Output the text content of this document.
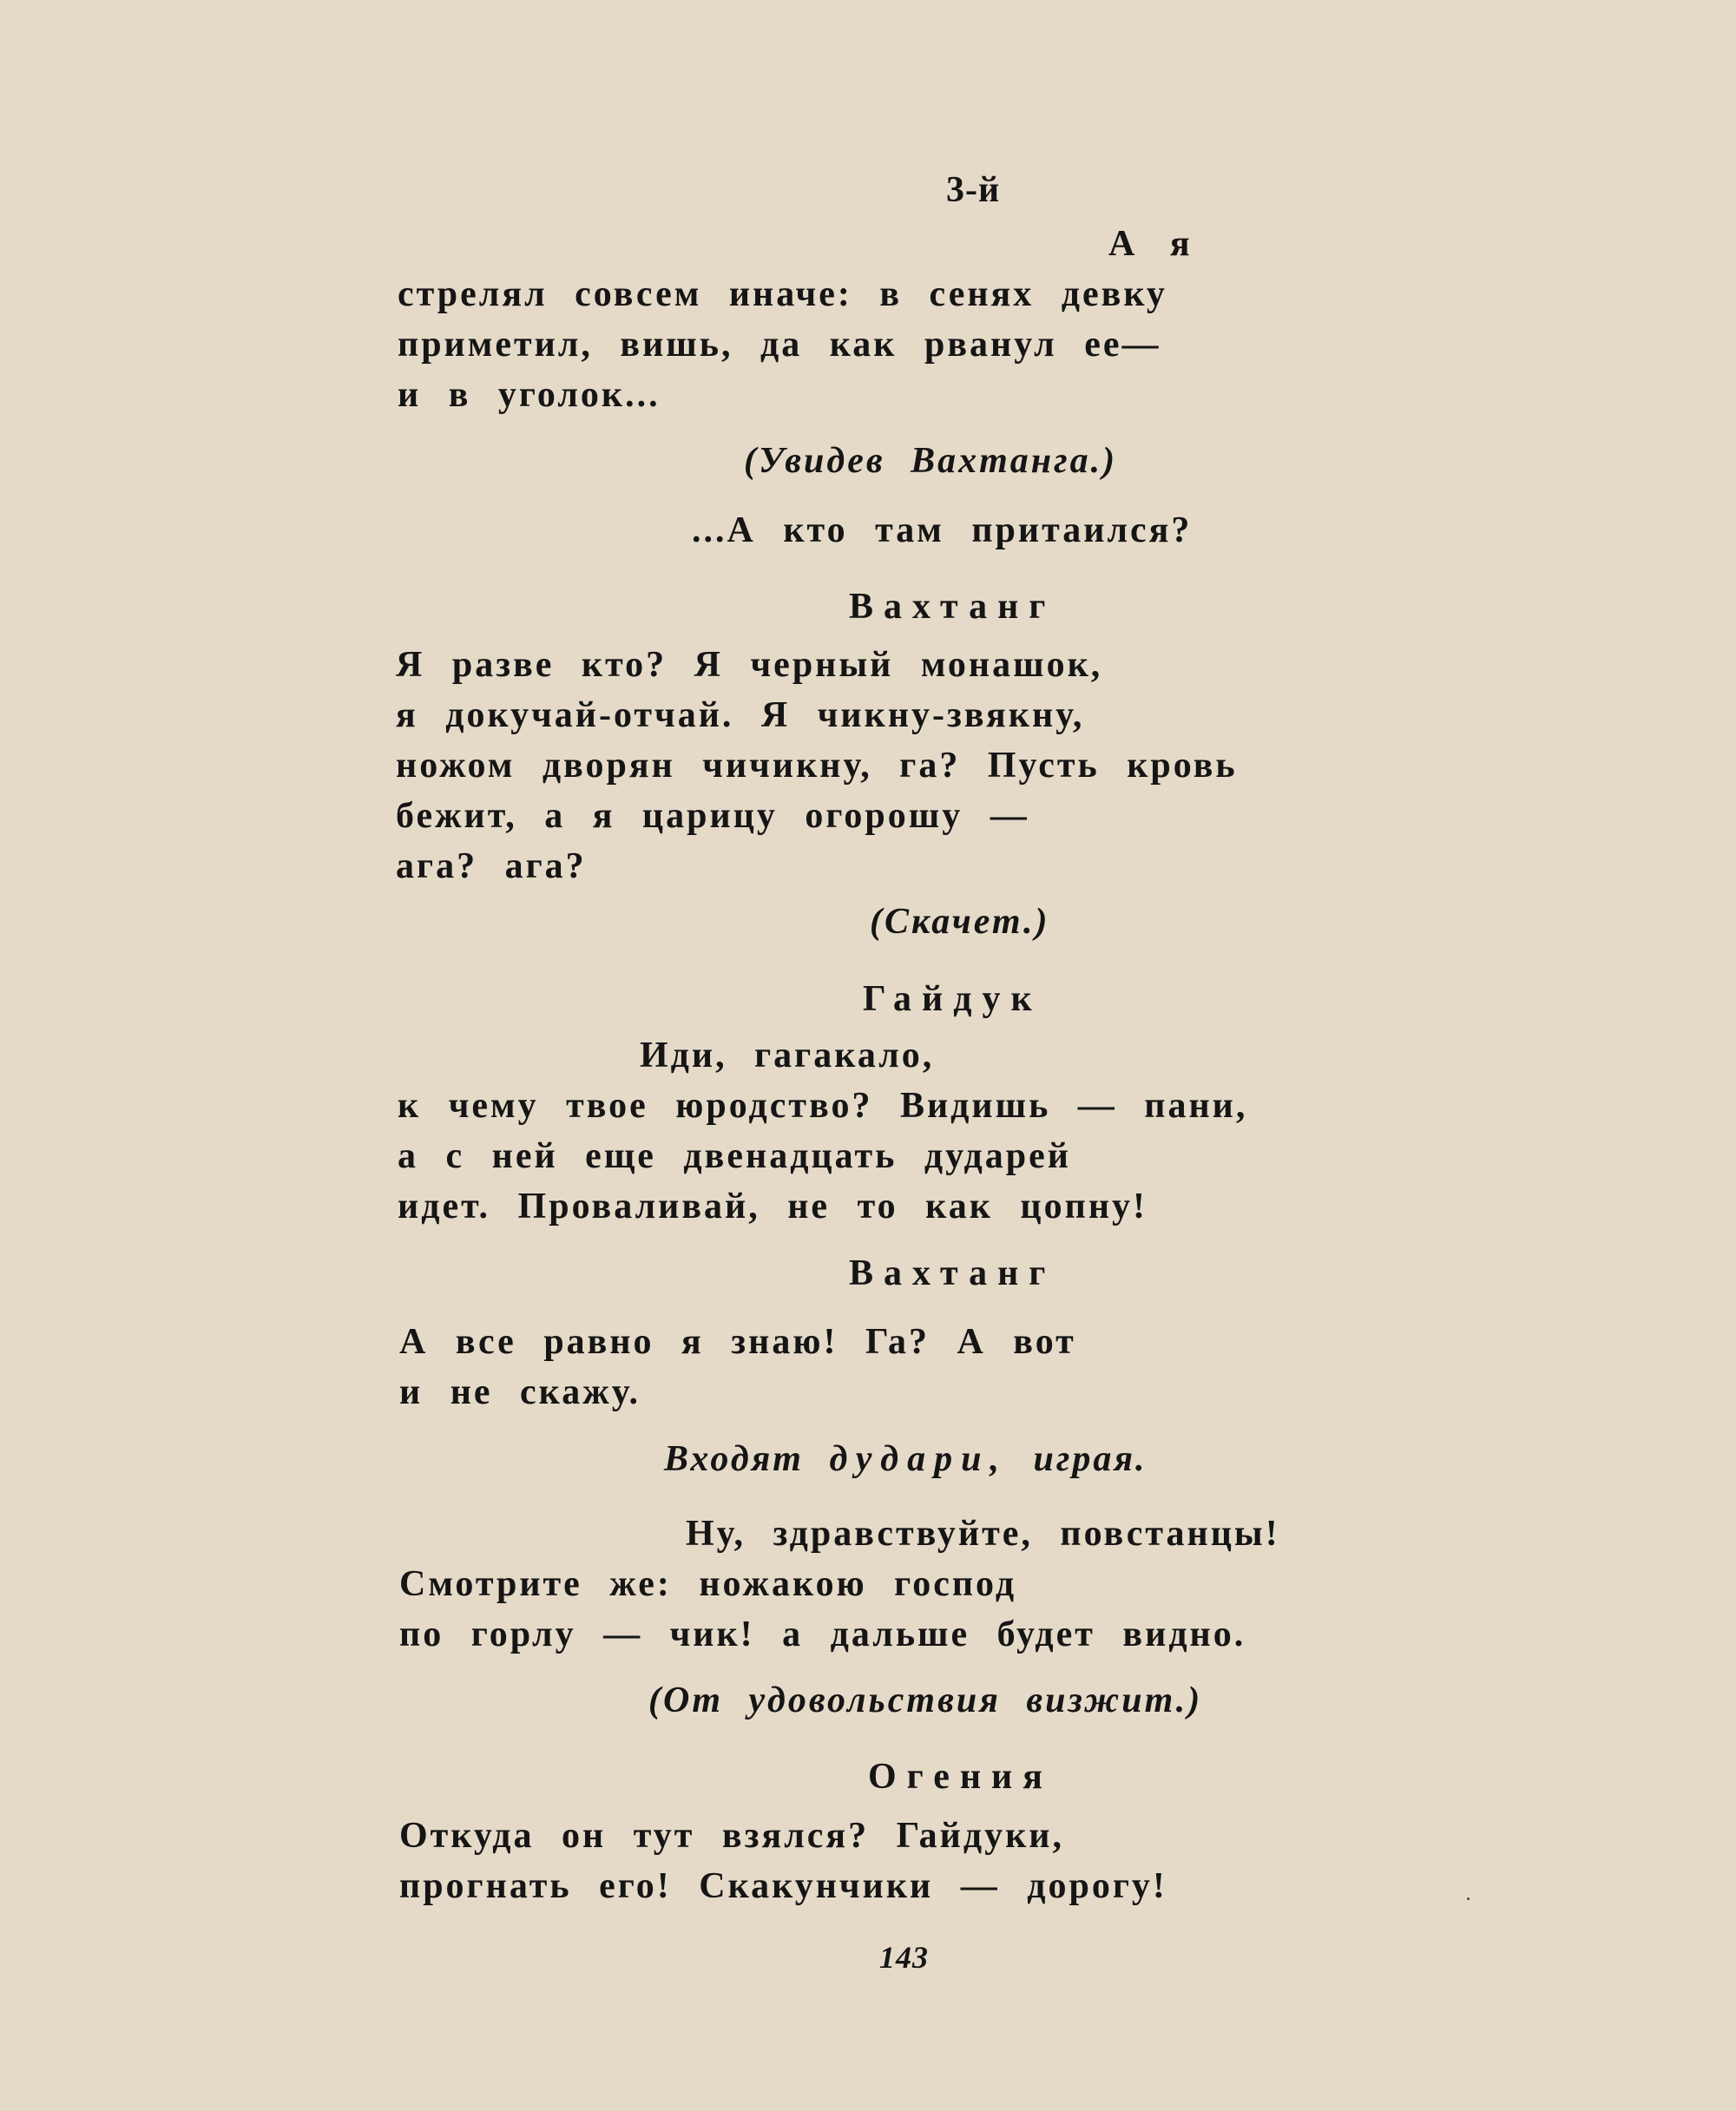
3-й
А я
стрелял совсем иначе: в сенях девку
приметил, вишь, да как рванул ее—
и в уголок...
(Увидев Вахтанга.)
...А кто там притаился?
Вахтанг
Я разве кто? Я черный монашок,
я докучай-отчай. Я чикну-звякну,
ножом дворян чичикну, га? Пусть кровь
бежит, а я царицу огорошу —
ага? ага?
(Скачет.)
Гайдук
Иди, гагакало,
к чему твое юродство? Видишь — пани,
а с ней еще двенадцать дударей
идет. Проваливай, не то как цопну!
Вахтанг
А все равно я знаю! Га? А вот
и не скажу.
Входят дудари, играя.
Ну, здравствуйте, повстанцы!
Смотрите же: ножакою господ
по горлу — чик! а дальше будет видно.
(От удовольствия визжит.)
Огения
Откуда он тут взялся? Гайдуки,
прогнать его! Скакунчики — дорогу!
143
